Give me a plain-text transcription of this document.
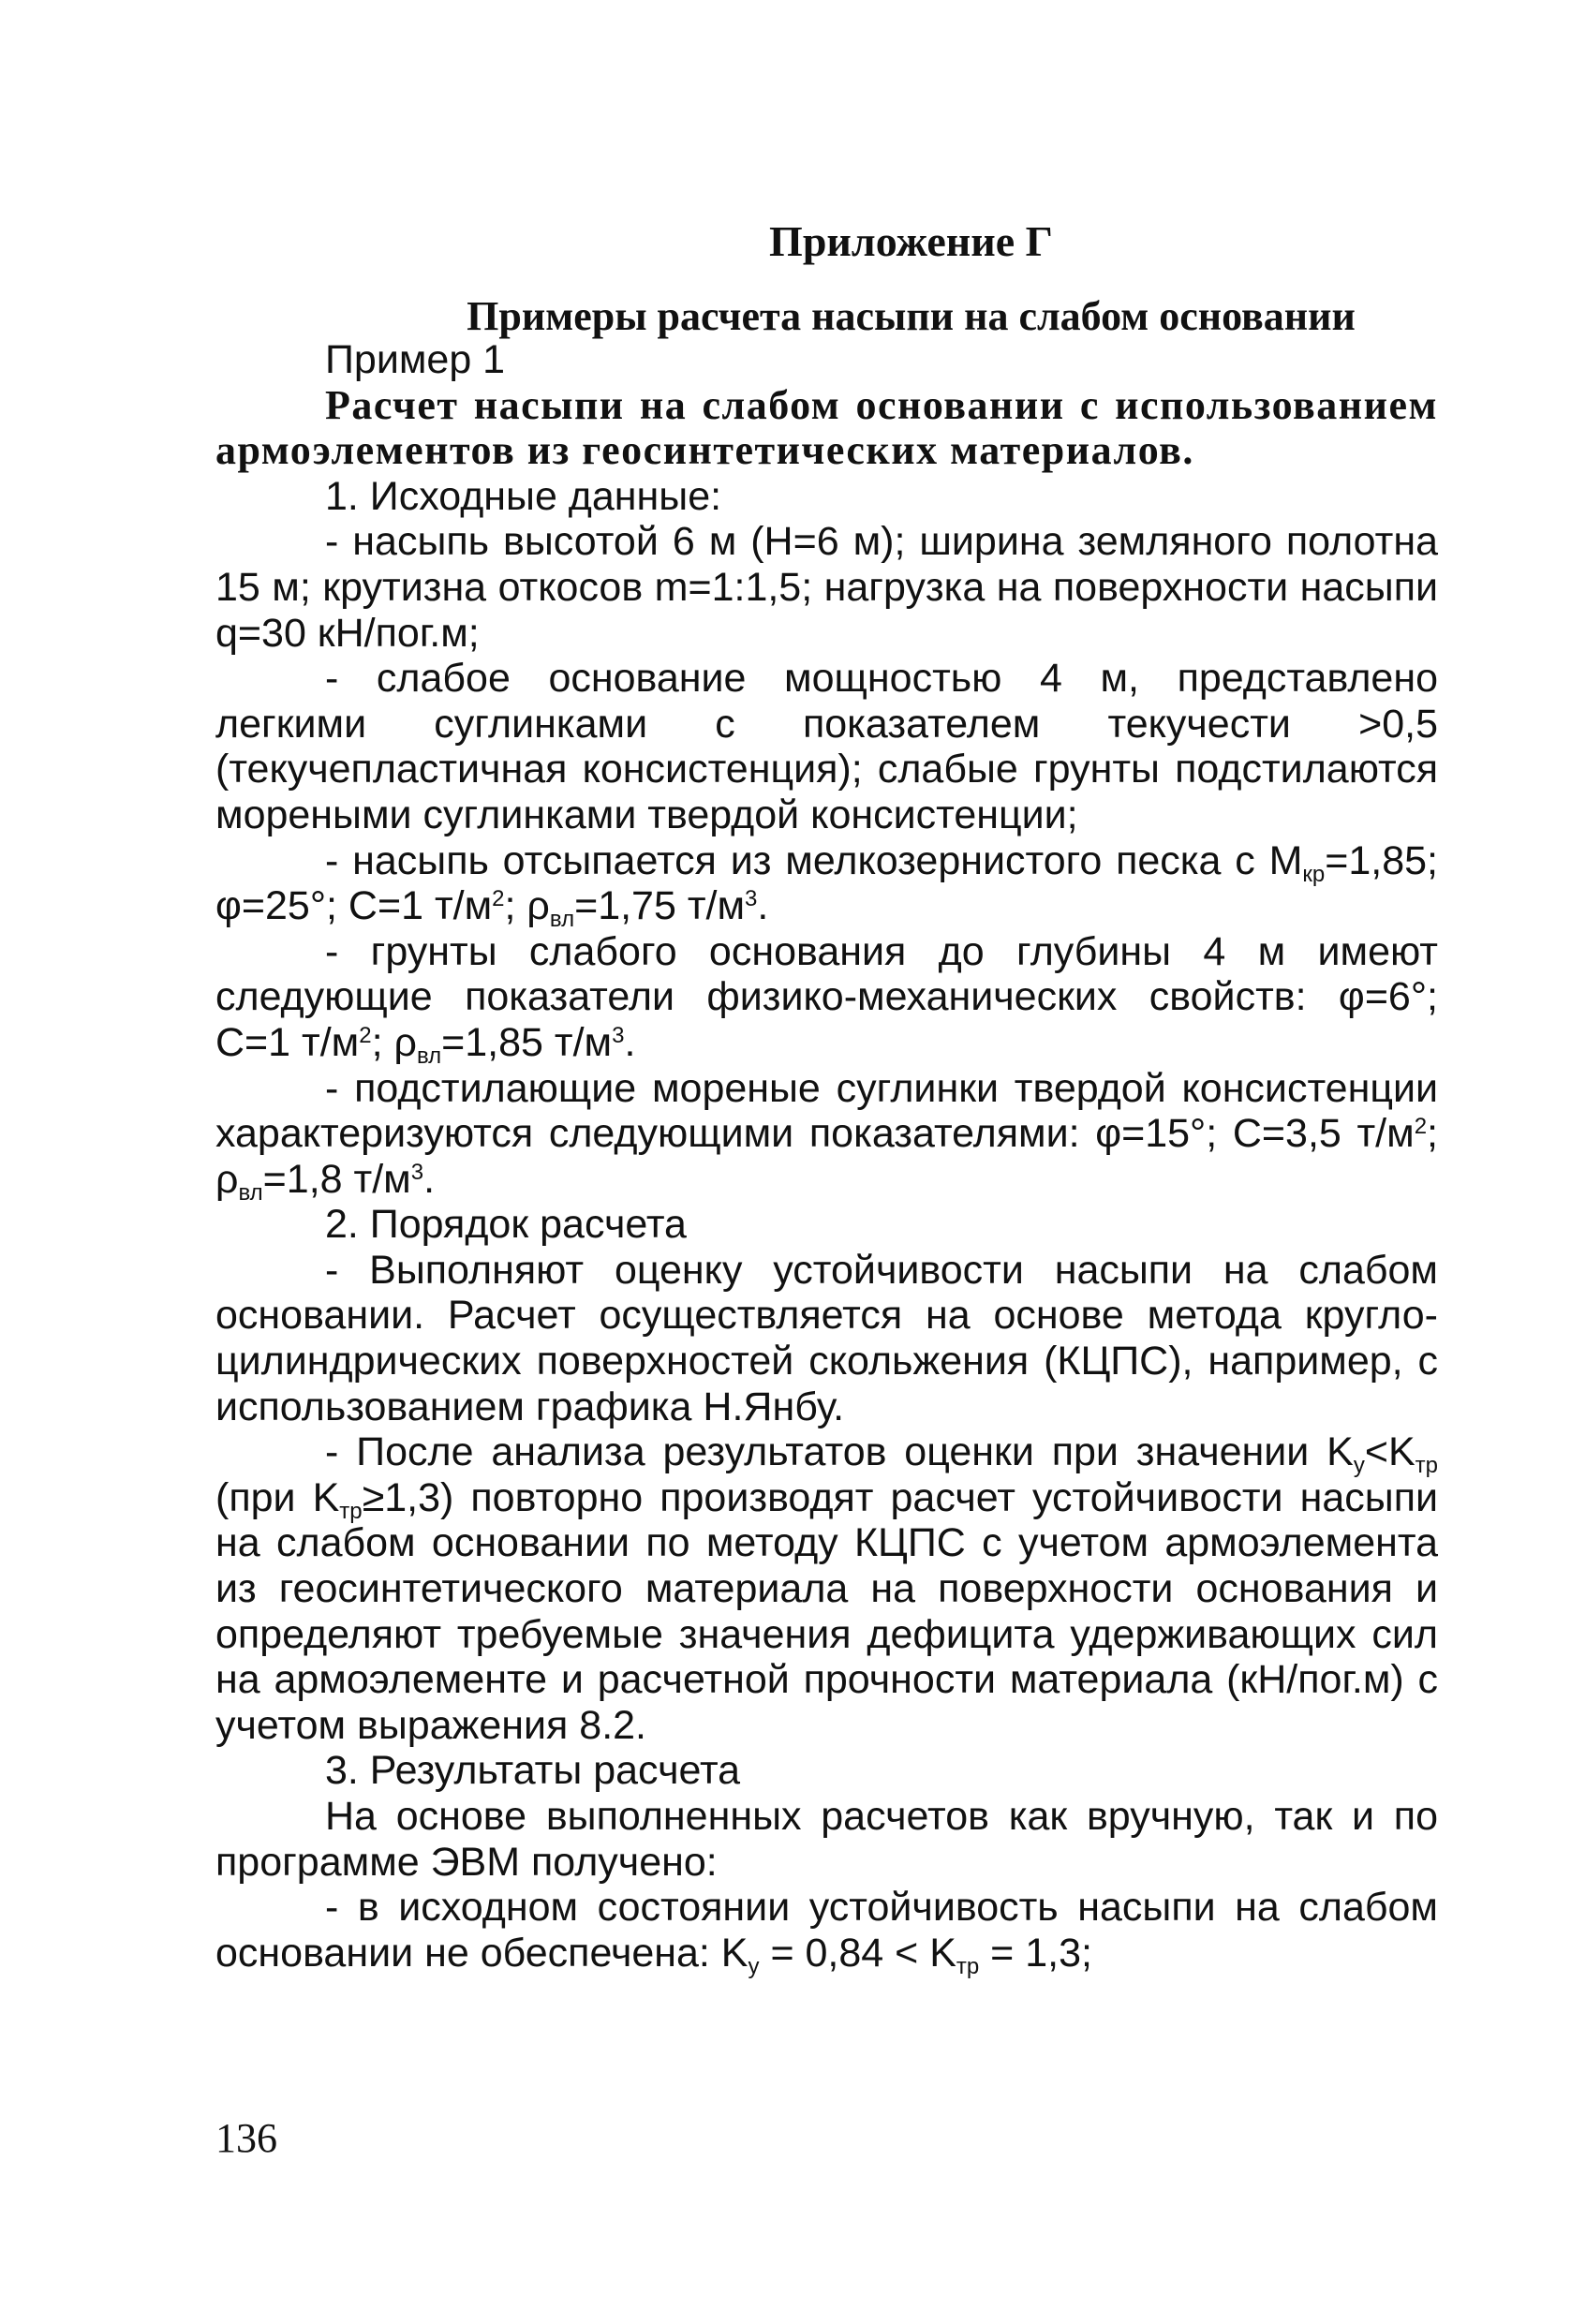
Приложение Г
Примеры расчета насыпи на слабом основании

Пример 1

Расчет насыпи на слабом основании с использованием армоэлементов из геосинтетических материалов.

1. Исходные данные:

- насыпь высотой 6 м (Н=6 м); ширина земляного полотна 15 м; крутизна откосов m=1:1,5; нагрузка на поверхности насыпи q=30 кН/пог.м;

- слабое основание мощностью 4 м, представлено легкими суглинками с показателем текучести >0,5 (текучепластичная консистенция); слабые грунты подстилаются мореными суглинками твердой консистенции;

- насыпь отсыпается из мелкозернистого песка с $М_{кр}=1,85$; φ=25°; С=1 $т/м^2$; $\rho_{вл}=1,75$ $т/м^3$.

- грунты слабого основания до глубины 4 м имеют следующие показатели физико-механических свойств: φ=6°; С=1 $т/м^2$; $\rho_{вл}=1,85$ $т/м^3$.

- подстилающие мореные суглинки твердой консистенции характеризуются следующими показателями: φ=15°; С=3,5 $т/м^2$; $\rho_{вл}=1,8$ $т/м^3$.

2. Порядок расчета

- Выполняют оценку устойчивости насыпи на слабом основании. Расчет осуществляется на основе метода кругло-цилиндрических поверхностей скольжения (КЦПС), например, с использованием графика Н.Янбу.

- После анализа результатов оценки при значении $K_у<K_{тр}$ (при $K_{тр}\ge 1,3$) повторно производят расчет устойчивости насыпи на слабом основании по методу КЦПС с учетом армоэлемента из геосинтетического материала на поверхности основания и определяют требуемые значения дефицита удерживающих сил на армоэлементе и расчетной прочности материала (кН/пог.м) с учетом выражения 8.2.

3. Результаты расчета

На основе выполненных расчетов как вручную, так и по программе ЭВМ получено:

- в исходном состоянии устойчивость насыпи на слабом основании не обеспечена: $K_у = 0,84 < K_{тр} = 1,3$;

136
